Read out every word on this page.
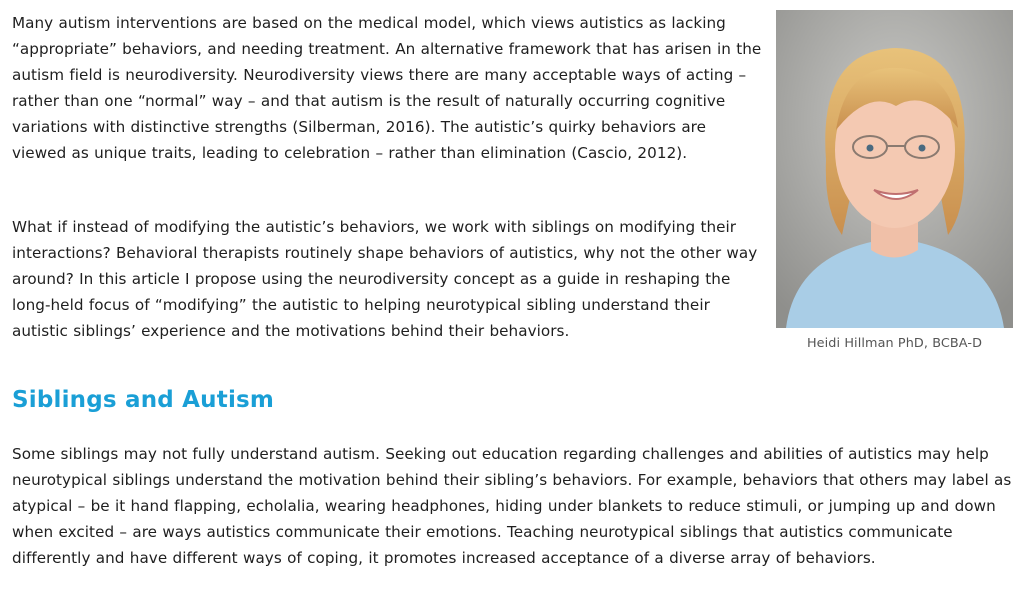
Many autism interventions are based on the medical model, which views autistics as lacking “appropriate” behaviors, and needing treatment. An alternative framework that has arisen in the autism field is neurodiversity. Neurodiversity views there are many acceptable ways of acting – rather than one “normal” way – and that autism is the result of naturally occurring cognitive variations with distinctive strengths (Silberman, 2016). The autistic’s quirky behaviors are viewed as unique traits, leading to celebration – rather than elimination (Cascio, 2012).

What if instead of modifying the autistic’s behaviors, we work with siblings on modifying their interactions? Behavioral therapists routinely shape behaviors of autistics, why not the other way around? In this article I propose using the neurodiversity concept as a guide in reshaping the long-held focus of “modifying” the autistic to helping neurotypical sibling understand their autistic siblings’ experience and the motivations behind their behaviors.

Heidi Hillman PhD, BCBA-D
Siblings and Autism

Some siblings may not fully understand autism. Seeking out education regarding challenges and abilities of autistics may help neurotypical siblings understand the motivation behind their sibling’s behaviors. For example, behaviors that others may label as atypical – be it hand flapping, echolalia, wearing headphones, hiding under blankets to reduce stimuli, or jumping up and down when excited – are ways autistics communicate their emotions. Teaching neurotypical siblings that autistics communicate differently and have different ways of coping, it promotes increased acceptance of a diverse array of behaviors.
